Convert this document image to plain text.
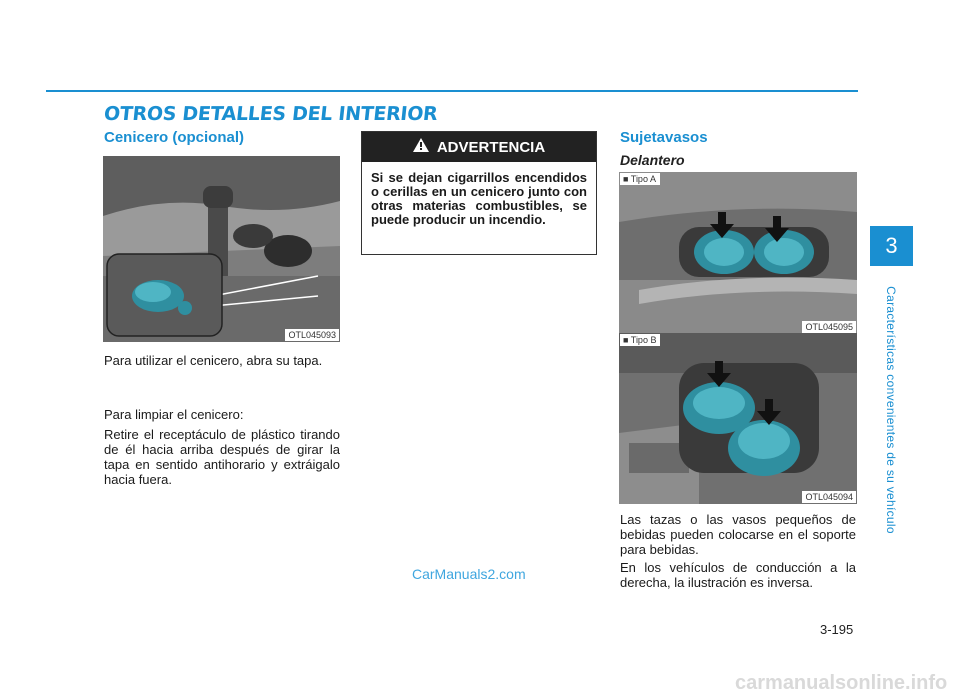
OTROS DETALLES DEL INTERIOR
Cenicero (opcional)
OTL045093
Para utilizar el cenicero, abra su tapa.
Para limpiar el cenicero:
Retire el receptáculo de plástico tirando de él hacia arriba después de girar la tapa en sentido antihorario y extráigalo hacia fuera.
ADVERTENCIA
Si se dejan cigarrillos encendidos o cerillas en un cenicero junto con otras materias combustibles, se puede producir un incendio.
Sujetavasos
Delantero
■ Tipo A
OTL045095
■ Tipo B
OTL045094
Las tazas o las vasos pequeños de bebidas pueden colocarse en el soporte para bebidas.
En los vehículos de conducción a la derecha, la ilustración es inversa.
3
Características convenientes de su vehículo
CarManuals2.com
3-195
carmanualsonline.info
